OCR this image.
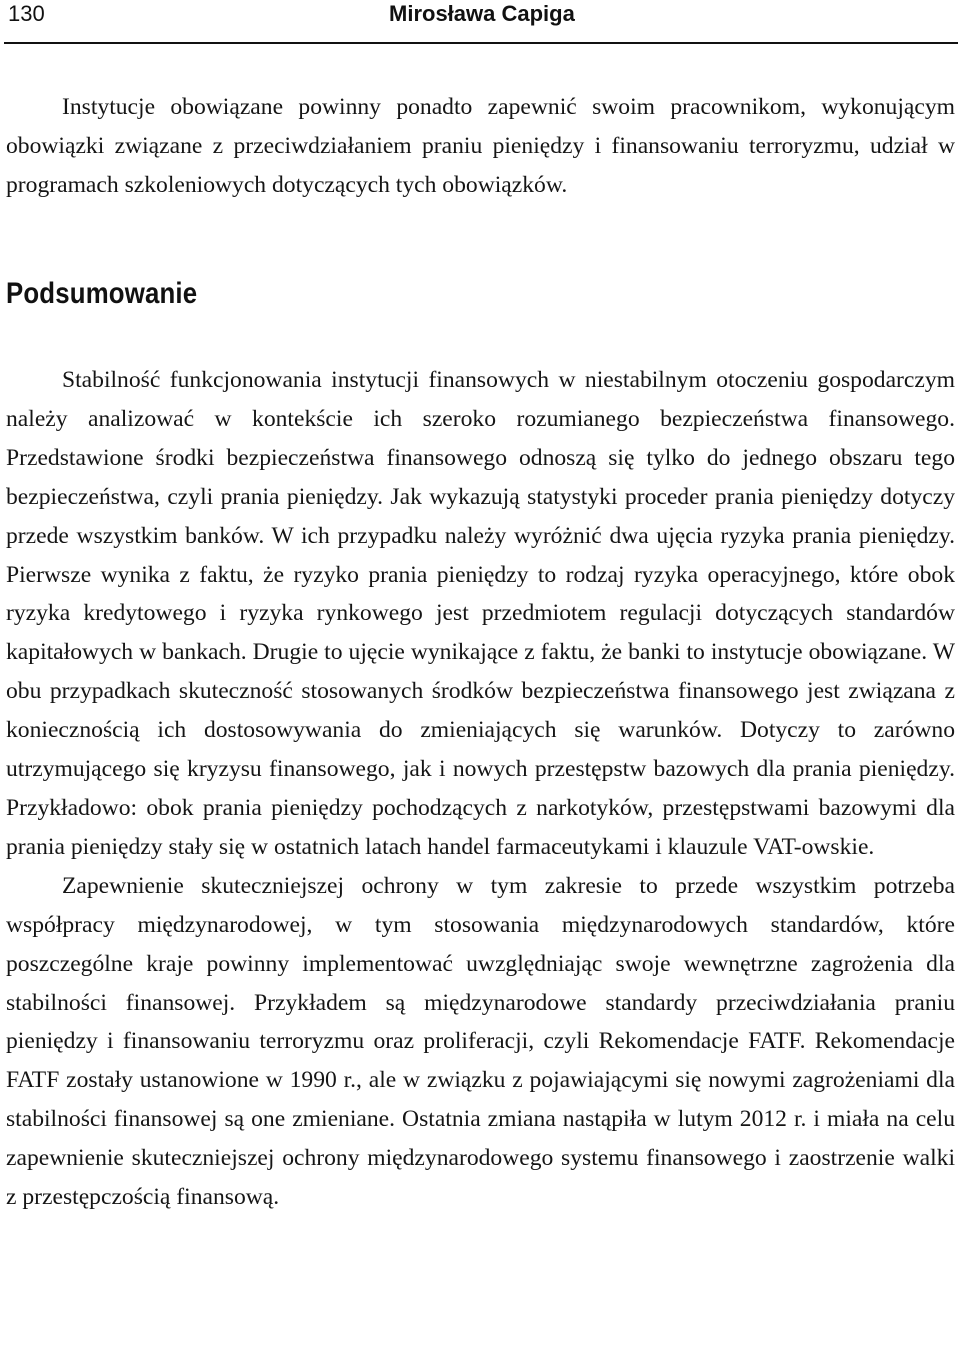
130	Mirosława Capiga

Instytucje obowiązane powinny ponadto zapewnić swoim pracownikom, wykonującym obowiązki związane z przeciwdziałaniem praniu pieniędzy i finansowaniu terroryzmu, udział w programach szkoleniowych dotyczących tych obowiązków.

Podsumowanie

Stabilność funkcjonowania instytucji finansowych w niestabilnym otoczeniu gospodarczym należy analizować w kontekście ich szeroko rozumianego bezpieczeństwa finansowego. Przedstawione środki bezpieczeństwa finansowego odnoszą się tylko do jednego obszaru tego bezpieczeństwa, czyli prania pieniędzy. Jak wykazują statystyki proceder prania pieniędzy dotyczy przede wszystkim banków. W ich przypadku należy wyróżnić dwa ujęcia ryzyka prania pieniędzy. Pierwsze wynika z faktu, że ryzyko prania pieniędzy to rodzaj ryzyka operacyjnego, które obok ryzyka kredytowego i ryzyka rynkowego jest przedmiotem regulacji dotyczących standardów kapitałowych w bankach. Drugie to ujęcie wynikające z faktu, że banki to instytucje obowiązane. W obu przypadkach skuteczność stosowanych środków bezpieczeństwa finansowego jest związana z koniecznością ich dostosowywania do zmieniających się warunków. Dotyczy to zarówno utrzymującego się kryzysu finansowego, jak i nowych przestępstw bazowych dla prania pieniędzy. Przykładowo: obok prania pieniędzy pochodzących z narkotyków, przestępstwami bazowymi dla prania pieniędzy stały się w ostatnich latach handel farmaceutykami i klauzule VAT-owskie.

Zapewnienie skuteczniejszej ochrony w tym zakresie to przede wszystkim potrzeba współpracy międzynarodowej, w tym stosowania międzynarodowych standardów, które poszczególne kraje powinny implementować uwzględniając swoje wewnętrzne zagrożenia dla stabilności finansowej. Przykładem są międzynarodowe standardy przeciwdziałania praniu pieniędzy i finansowaniu terroryzmu oraz proliferacji, czyli Rekomendacje FATF. Rekomendacje FATF zostały ustanowione w 1990 r., ale w związku z pojawiającymi się nowymi zagrożeniami dla stabilności finansowej są one zmieniane. Ostatnia zmiana nastąpiła w lutym 2012 r. i miała na celu zapewnienie skuteczniejszej ochrony międzynarodowego systemu finansowego i zaostrzenie walki z przestępczością finansową.
